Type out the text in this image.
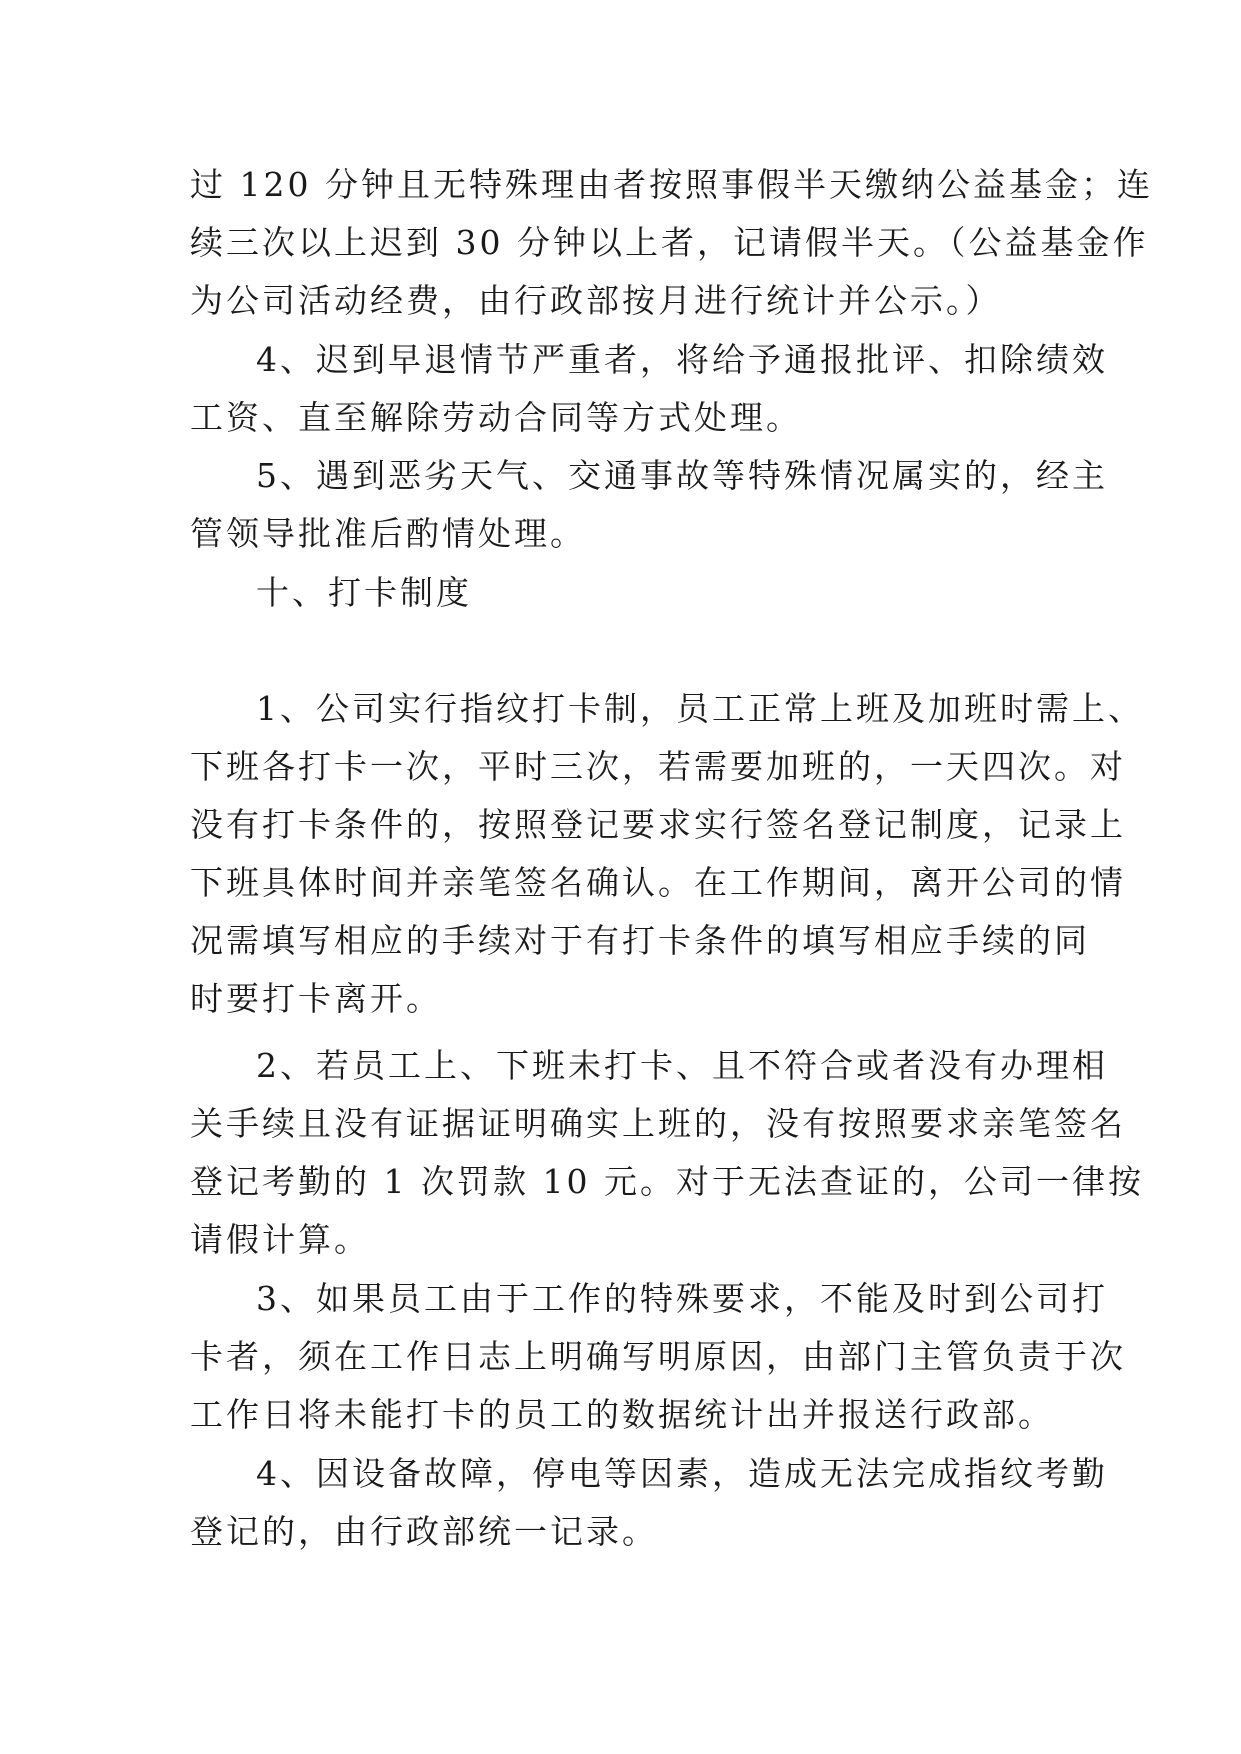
过 120 分钟且无特殊理由者按照事假半天缴纳公益基金；连
续三次以上迟到 30 分钟以上者，记请假半天。（公益基金作
为公司活动经费，由行政部按月进行统计并公示。）
4、迟到早退情节严重者，将给予通报批评、扣除绩效
工资、直至解除劳动合同等方式处理。
5、遇到恶劣天气、交通事故等特殊情况属实的，经主
管领导批准后酌情处理。
十、打卡制度
1、公司实行指纹打卡制，员工正常上班及加班时需上、
下班各打卡一次，平时三次，若需要加班的，一天四次。对
没有打卡条件的，按照登记要求实行签名登记制度，记录上
下班具体时间并亲笔签名确认。在工作期间，离开公司的情
况需填写相应的手续对于有打卡条件的填写相应手续的同
时要打卡离开。
2、若员工上、下班未打卡、且不符合或者没有办理相
关手续且没有证据证明确实上班的，没有按照要求亲笔签名
登记考勤的 1 次罚款 10 元。对于无法查证的，公司一律按
请假计算。
3、如果员工由于工作的特殊要求，不能及时到公司打
卡者，须在工作日志上明确写明原因，由部门主管负责于次
工作日将未能打卡的员工的数据统计出并报送行政部。
4、因设备故障，停电等因素，造成无法完成指纹考勤
登记的，由行政部统一记录。
